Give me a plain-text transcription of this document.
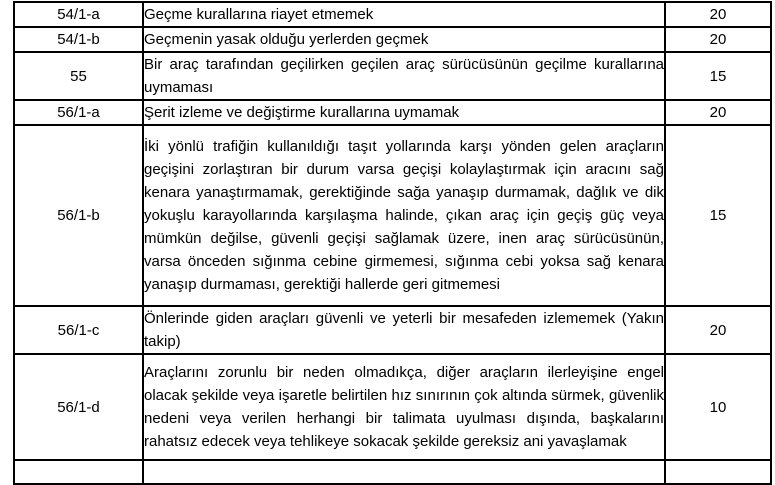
54/1-a	Geçme kurallarına riayet etmemek	20
54/1-b	Geçmenin yasak olduğu yerlerden geçmek	20
55	Bir araç tarafından geçilirken geçilen araç sürücüsünün geçilme kurallarına uymaması	15
56/1-a	Şerit izleme ve değiştirme kurallarına uymamak	20
56/1-b	İki yönlü trafiğin kullanıldığı taşıt yollarında karşı yönden gelen araçların geçişini zorlaştıran bir durum varsa geçişi kolaylaştırmak için aracını sağ kenara yanaştırmamak, gerektiğinde sağa yanaşıp durmamak, dağlık ve dik yokuşlu karayollarında karşılaşma halinde, çıkan araç için geçiş güç veya mümkün değilse, güvenli geçişi sağlamak üzere, inen araç sürücüsünün, varsa önceden sığınma cebine girmemesi, sığınma cebi yoksa sağ kenara yanaşıp durmaması, gerektiği hallerde geri gitmemesi	15
56/1-c	Önlerinde giden araçları güvenli ve yeterli bir mesafeden izlememek (Yakın takip)	20
56/1-d	Araçlarını zorunlu bir neden olmadıkça, diğer araçların ilerleyişine engel olacak şekilde veya işaretle belirtilen hız sınırının çok altında sürmek, güvenlik nedeni veya verilen herhangi bir talimata uyulması dışında, başkalarını rahatsız edecek veya tehlikeye sokacak şekilde gereksiz ani yavaşlamak	10
